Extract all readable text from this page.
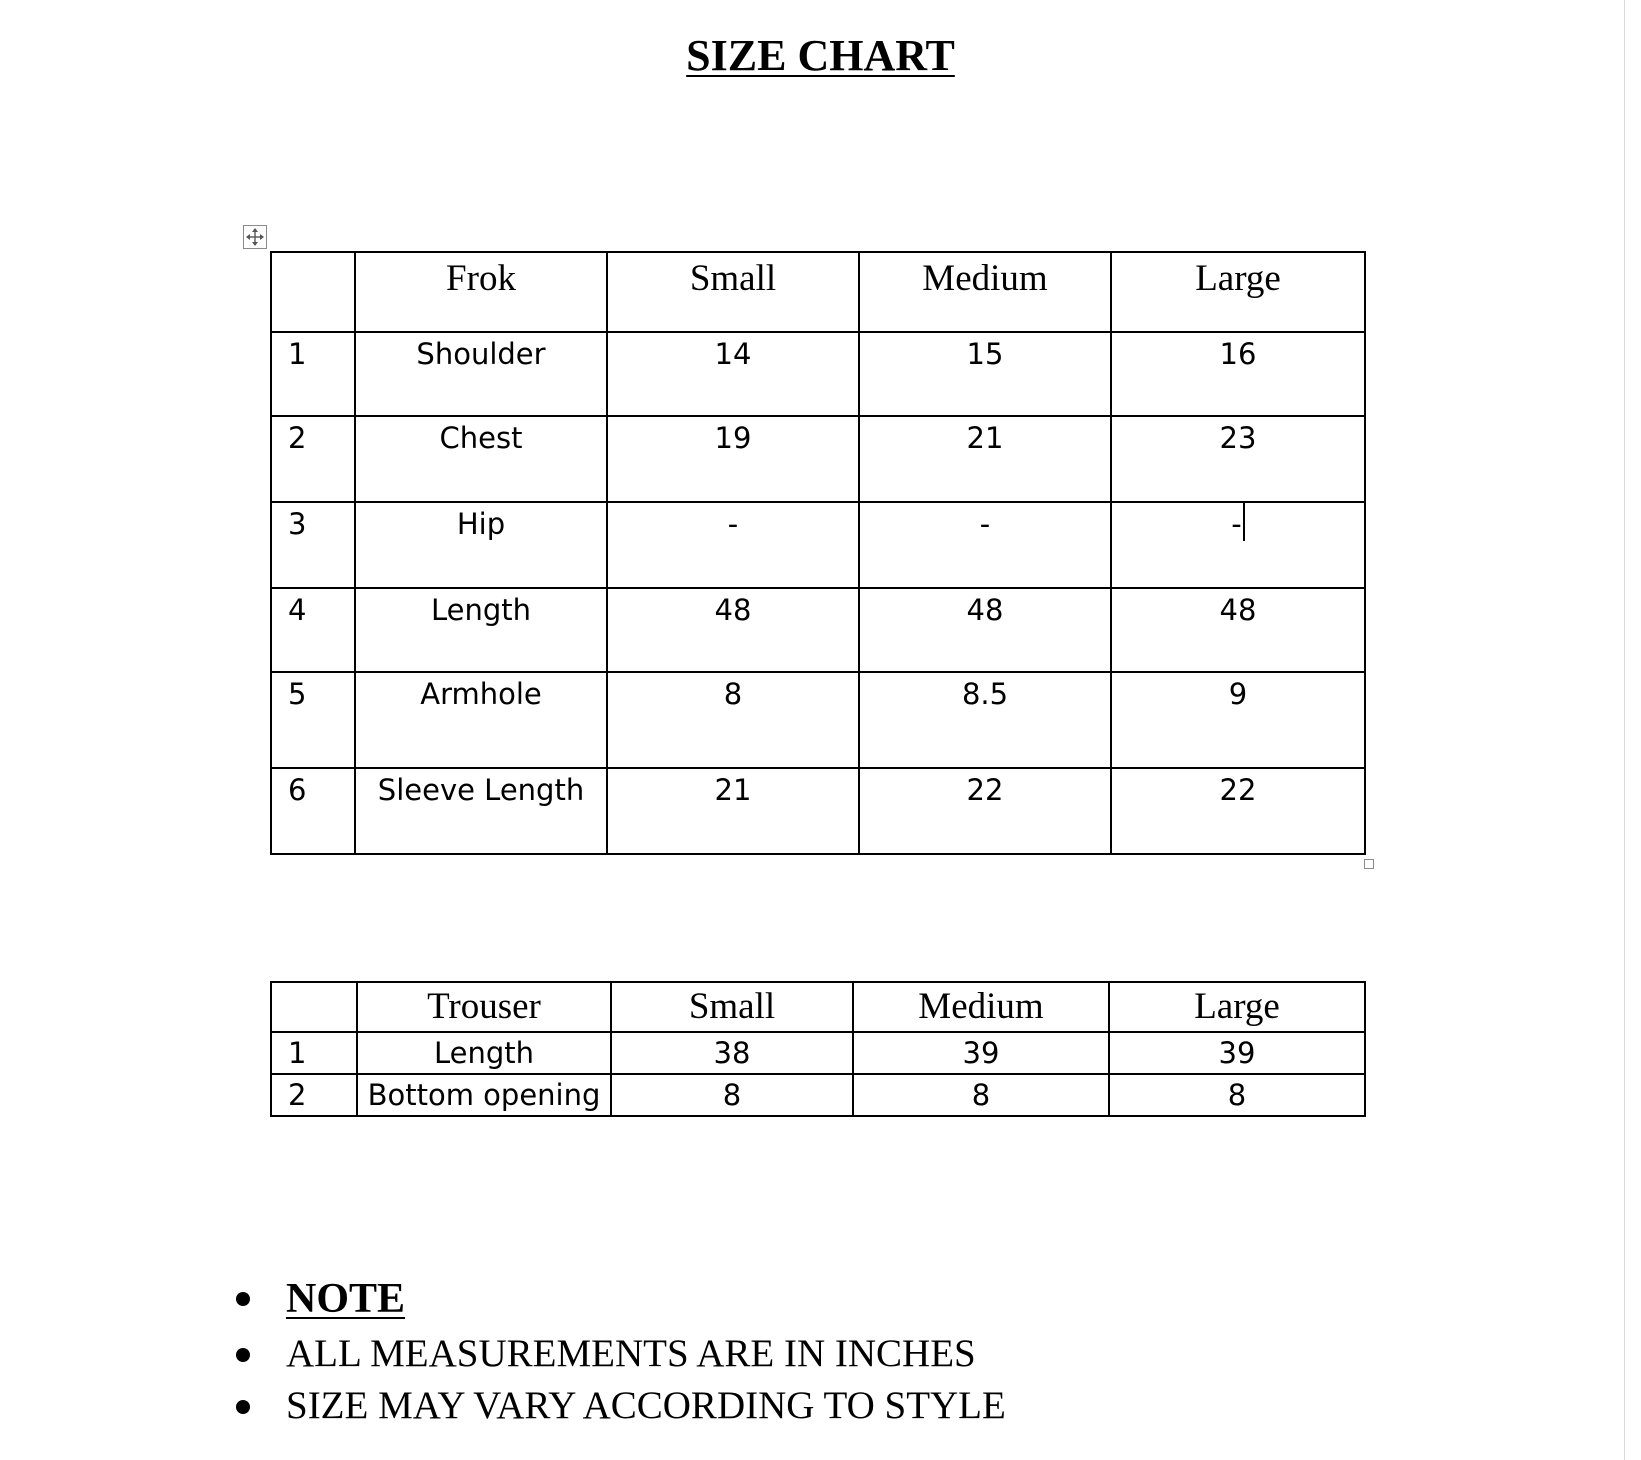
SIZE CHART
	Frok	Small	Medium	Large
1	Shoulder	14	15	16
2	Chest	19	21	23
3	Hip	-	-	-
4	Length	48	48	48
5	Armhole	8	8.5	9
6	Sleeve Length	21	22	22
	Trouser	Small	Medium	Large
1	Length	38	39	39
2	Bottom opening	8	8	8
NOTE
ALL MEASUREMENTS ARE IN INCHES
SIZE MAY VARY ACCORDING TO STYLE
